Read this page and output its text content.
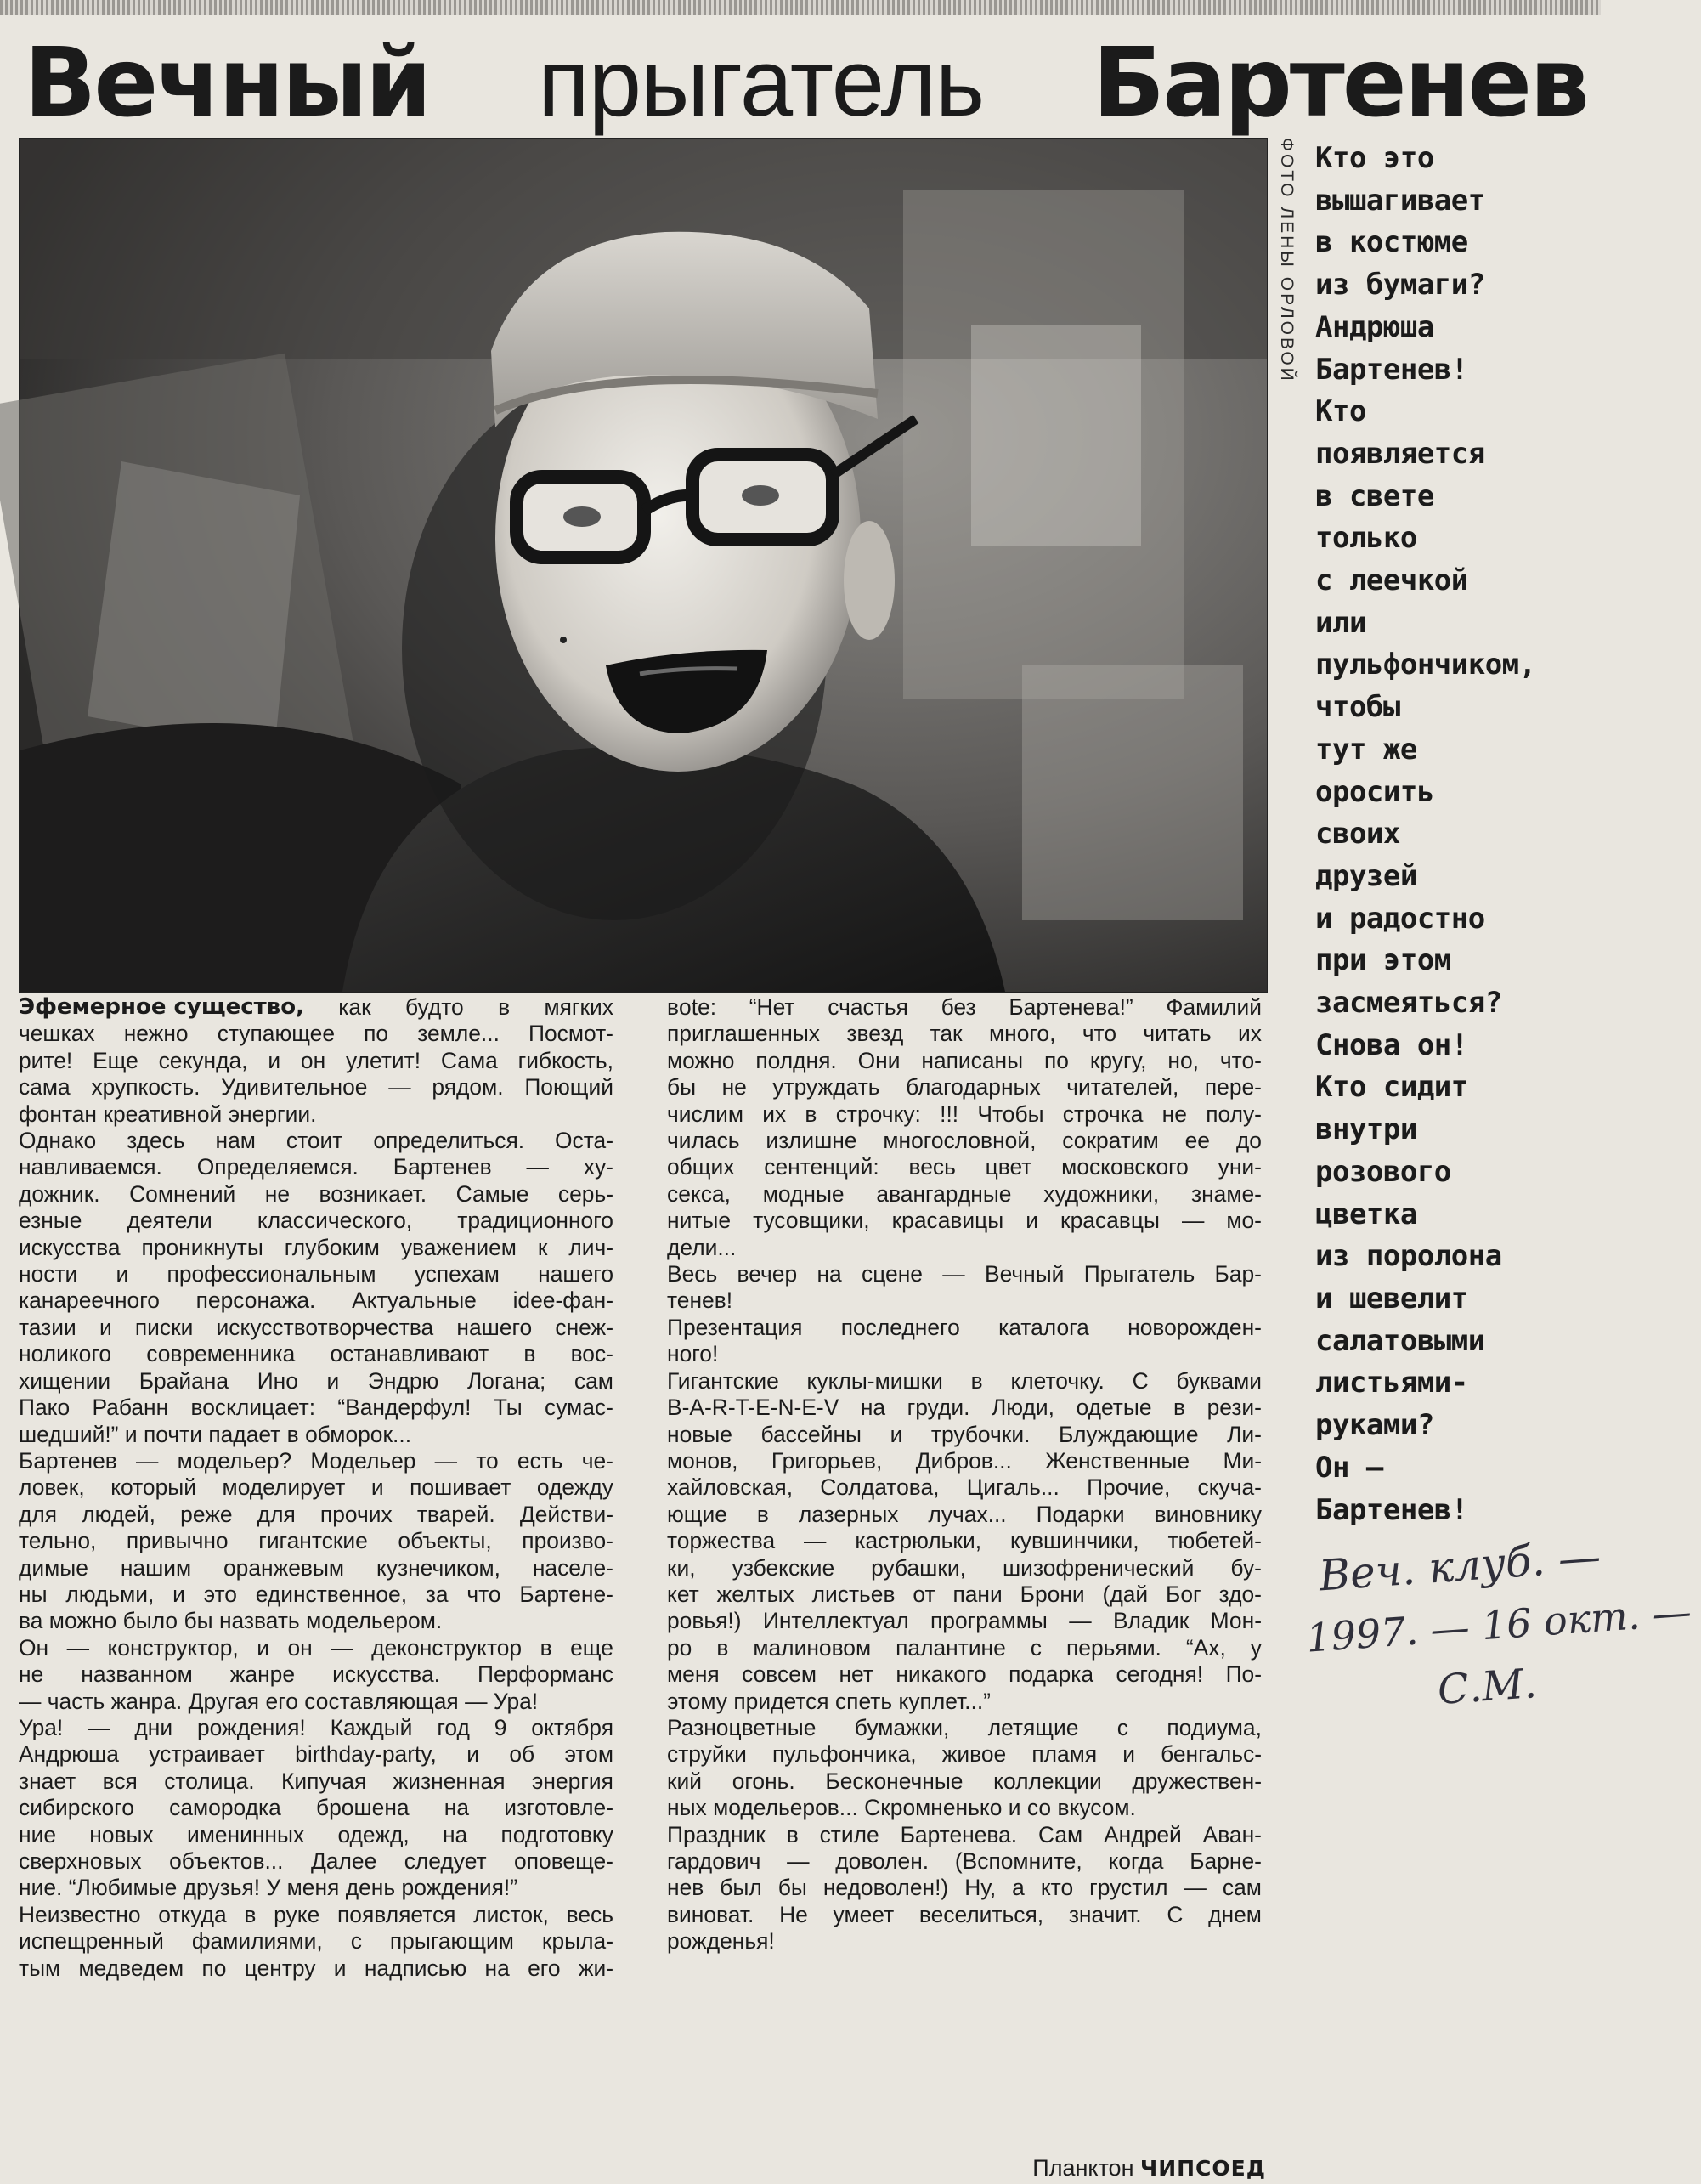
Вечный прыгатель Бартенев
ФОТО ЛЕНЫ ОРЛОВОЙ Кто это
вышагивает
в костюме
из бумаги?
Андрюша
Бартенев!
Кто
появляется
в свете
только
с леечкой
или
пульфончиком,
чтобы
тут же
оросить
своих
друзей
и радостно
при этом
засмеяться?
Снова он!
Кто сидит
внутри
розового
цветка
из поролона
и шевелит
салатовыми
листьями-
руками?
Он —
Бартенев!
Веч. клуб. —
1997. — 16 окт. —
С.М.
Эфемерное существо, как будто в мягких
чешках нежно ступающее по земле... Посмот-
рите! Еще секунда, и он улетит! Сама гибкость,
сама хрупкость. Удивительное — рядом. Поющий
фонтан креативной энергии.
Однако здесь нам стоит определиться. Оста-
навливаемся. Определяемся. Бартенев — ху-
дожник. Сомнений не возникает. Самые серь-
езные деятели классического, традиционного
искусства проникнуты глубоким уважением к лич-
ности и профессиональным успехам нашего
канареечного персонажа. Актуальные idee-фан-
тазии и писки искусствотворчества нашего снеж-
ноликого современника останавливают в вос-
хищении Брайана Ино и Эндрю Логана; сам
Пако Рабанн восклицает: “Вандерфул! Ты сумас-
шедший!” и почти падает в обморок...
Бартенев — модельер? Модельер — то есть че-
ловек, который моделирует и пошивает одежду
для людей, реже для прочих тварей. Действи-
тельно, привычно гигантские объекты, произво-
димые нашим оранжевым кузнечиком, населе-
ны людьми, и это единственное, за что Бартене-
ва можно было бы назвать модельером.
Он — конструктор, и он — деконструктор в еще
не названном жанре искусства. Перформанс
— часть жанра. Другая его составляющая — Ура!
Ура! — дни рождения! Каждый год 9 октября
Андрюша устраивает birthday-party, и об этом
знает вся столица. Кипучая жизненная энергия
сибирского самородка брошена на изготовле-
ние новых именинных одежд, на подготовку
сверхновых объектов... Далее следует оповеще-
ние. “Любимые друзья! У меня день рождения!”
Неизвестно откуда в руке появляется листок, весь
испещренный фамилиями, с прыгающим крыла-
тым медведем по центру и надписью на его жи-
вote: “Нет счастья без Бартенева!” Фамилий
приглашенных звезд так много, что читать их
можно полдня. Они написаны по кругу, но, что-
бы не утруждать благодарных читателей, пере-
числим их в строчку: !!! Чтобы строчка не полу-
чилась излишне многословной, сократим ее до
общих сентенций: весь цвет московского уни-
секса, модные авангардные художники, знаме-
нитые тусовщики, красавицы и красавцы — мо-
дели...
Весь вечер на сцене — Вечный Прыгатель Бар-
тенев!
Презентация последнего каталога новорожден-
ного!
Гигантские куклы-мишки в клеточку. С буквами
B-A-R-T-E-N-E-V на груди. Люди, одетые в рези-
новые бассейны и трубочки. Блуждающие Ли-
монов, Григорьев, Дибров... Женственные Ми-
хайловская, Солдатова, Цигаль... Прочие, скуча-
ющие в лазерных лучах... Подарки виновнику
торжества — кастрюльки, кувшинчики, тюбетей-
ки, узбекские рубашки, шизофренический бу-
кет желтых листьев от пани Брони (дай Бог здо-
ровья!) Интеллектуал программы — Владик Мон-
ро в малиновом палантине с перьями. “Ах, у
меня совсем нет никакого подарка сегодня! По-
этому придется спеть куплет...”
Разноцветные бумажки, летящие с подиума,
струйки пульфончика, живое пламя и бенгальс-
кий огонь. Бесконечные коллекции дружествен-
ных модельеров... Скромненько и со вкусом.
Праздник в стиле Бартенева. Сам Андрей Аван-
гардович — доволен. (Вспомните, когда Барне-
нев был бы недоволен!) Ну, а кто грустил — сам
виноват. Не умеет веселиться, значит. С днем
рожденья!
Планктон ЧИПСОЕД
